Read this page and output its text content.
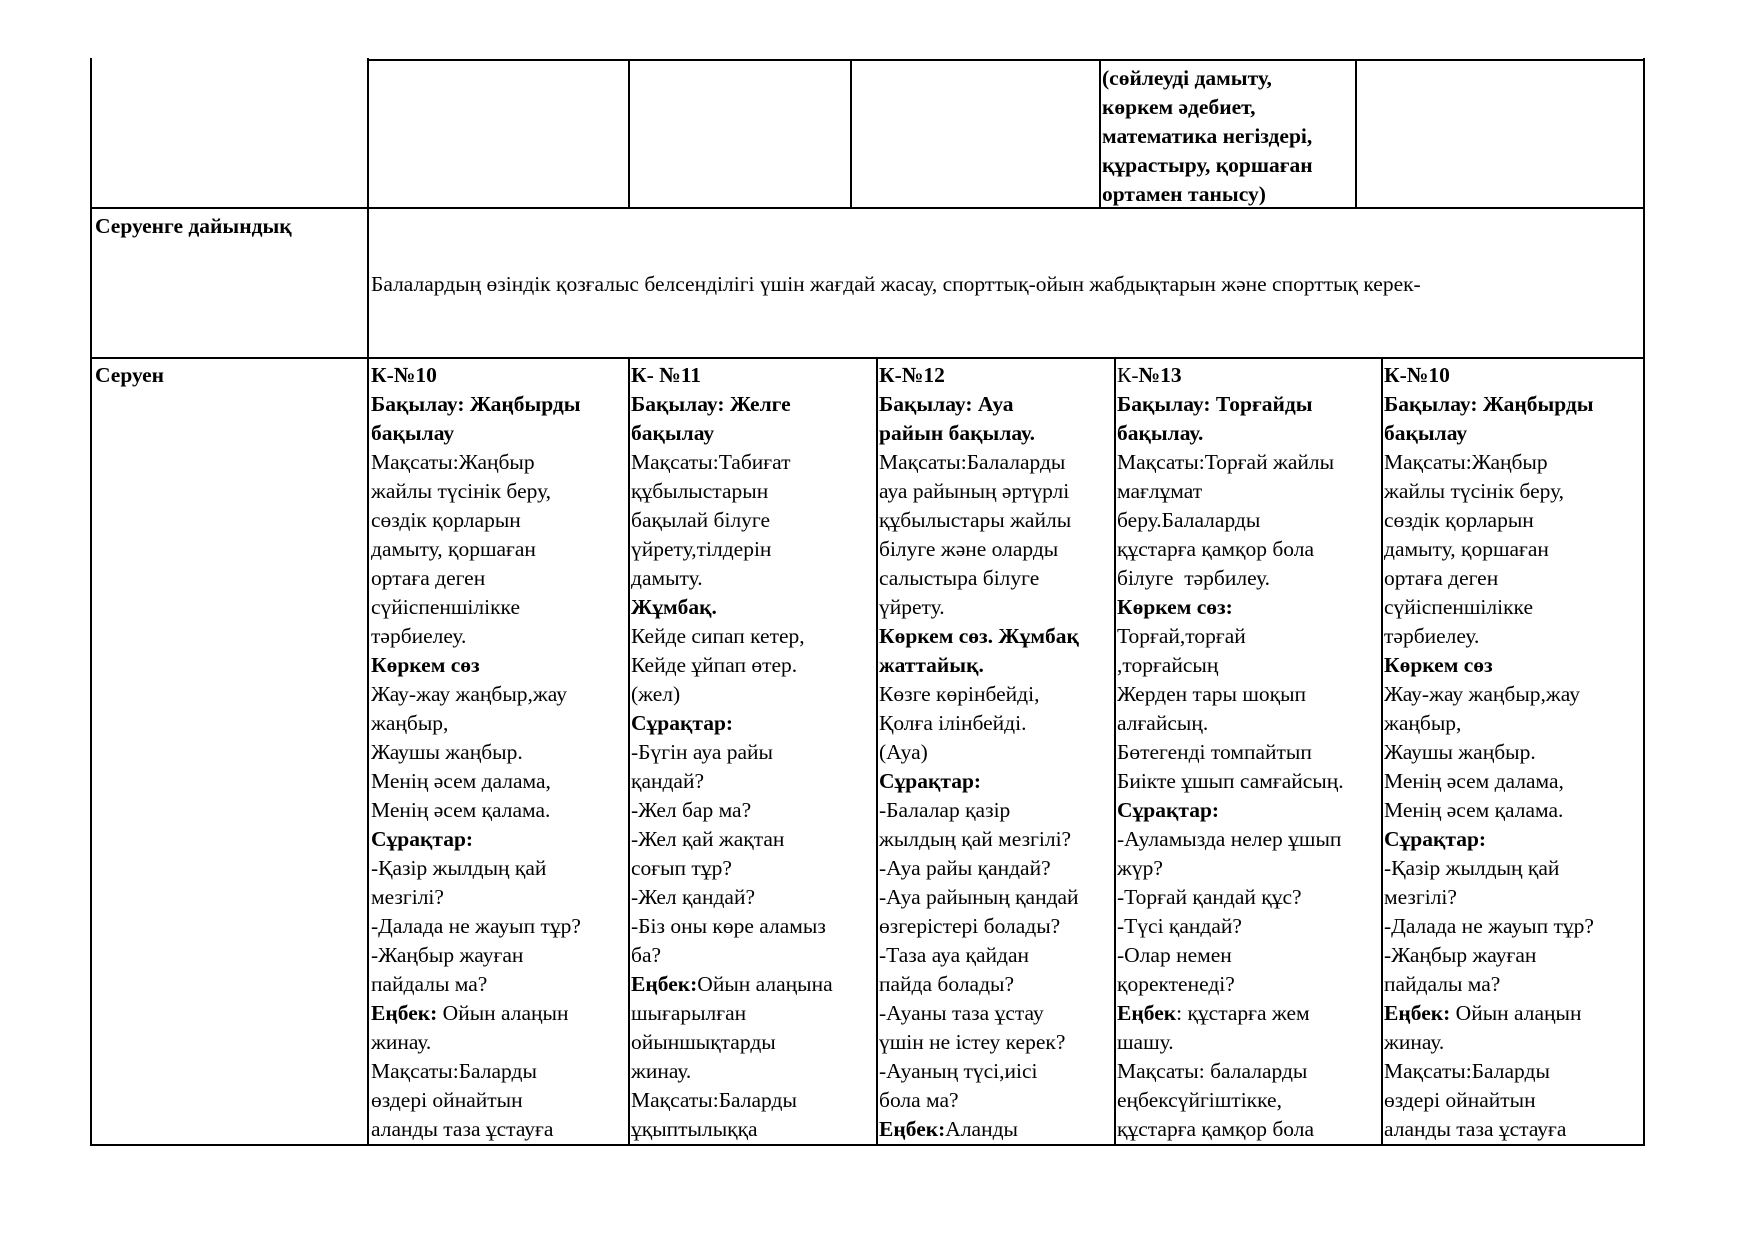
(сөйлеуді дамыту,
көркем әдебиет,
математика негіздері,
құрастыру, қоршаған
ортамен танысу)
Серуенге дайындық

Балалардың өзіндік қозғалыс белсенділігі үшін жағдай жасау, спорттық-ойын жабдықтарын және спорттық керек-

Серуен	К-№10
Бақылау: Жаңбырды
бақылау
Мақсаты:Жаңбыр
жайлы түсінік беру,
сөздік қорларын
дамыту, қоршаған
ортаға деген
сүйіспеншілікке
тәрбиелеу.
Көркем сөз
Жау-жау жаңбыр,жау
жаңбыр,
Жаушы жаңбыр.
Менің әсем далама,
Менің әсем қалама.
Сұрақтар:
-Қазір жылдың қай
мезгілі?
-Далада не жауып тұр?
-Жаңбыр жауған
пайдалы ма?
Еңбек: Ойын алаңын
жинау.
Мақсаты:Баларды
өздері ойнайтын
аланды таза ұстауға
К- №11
Бақылау: Желге
бақылау
Мақсаты:Табиғат
құбылыстарын
бақылай білуге
үйрету,тілдерін
дамыту.
Жұмбақ.
Кейде сипап кетер,
Кейде ұйпап өтер.
(жел)
Сұрақтар:
-Бүгін ауа райы
қандай?
-Жел бар ма?
-Жел қай жақтан
соғып тұр?
-Жел қандай?
-Біз оны көре аламыз
ба?
Еңбек:Ойын алаңына
шығарылған
ойыншықтарды
жинау.
Мақсаты:Баларды
ұқыптылыққа
К-№12
Бақылау: Ауа
райын бақылау.
Мақсаты:Балаларды
ауа райының әртүрлі
құбылыстары жайлы
білуге және оларды
салыстыра білуге
үйрету.
Көркем сөз. Жұмбақ
жаттайық.
Көзге көрінбейді,
Қолға ілінбейді.
(Ауа)
Сұрақтар:
-Балалар қазір
жылдың қай мезгілі?
-Ауа райы қандай?
-Ауа райының қандай
өзгерістері болады?
-Таза ауа қайдан
пайда болады?
-Ауаны таза ұстау
үшін не істеу керек?
-Ауаның түсі,иісі
бола ма?
Еңбек:Аланды
К-№13
Бақылау: Торғайды
бақылау.
Мақсаты:Торғай жайлы
мағлұмат
беру.Балаларды
құстарға қамқор бола
білуге  тәрбилеу.
Көркем сөз:
Торғай,торғай
,торғайсың
Жерден тары шоқып
алғайсың.
Бөтегенді томпайтып
Биікте ұшып самғайсың.
Сұрақтар:
-Ауламызда нелер ұшып
жүр?
-Торғай қандай құс?
-Түсі қандай?
-Олар немен
қоректенеді?
Еңбек: құстарға жем
шашу.
Мақсаты: балаларды
еңбексүйгіштікке,
құстарға қамқор бола
К-№10
Бақылау: Жаңбырды
бақылау
Мақсаты:Жаңбыр
жайлы түсінік беру,
сөздік қорларын
дамыту, қоршаған
ортаға деген
сүйіспеншілікке
тәрбиелеу.
Көркем сөз
Жау-жау жаңбыр,жау
жаңбыр,
Жаушы жаңбыр.
Менің әсем далама,
Менің әсем қалама.
Сұрақтар:
-Қазір жылдың қай
мезгілі?
-Далада не жауып тұр?
-Жаңбыр жауған
пайдалы ма?
Еңбек: Ойын алаңын
жинау.
Мақсаты:Баларды
өздері ойнайтын
аланды таза ұстауға
